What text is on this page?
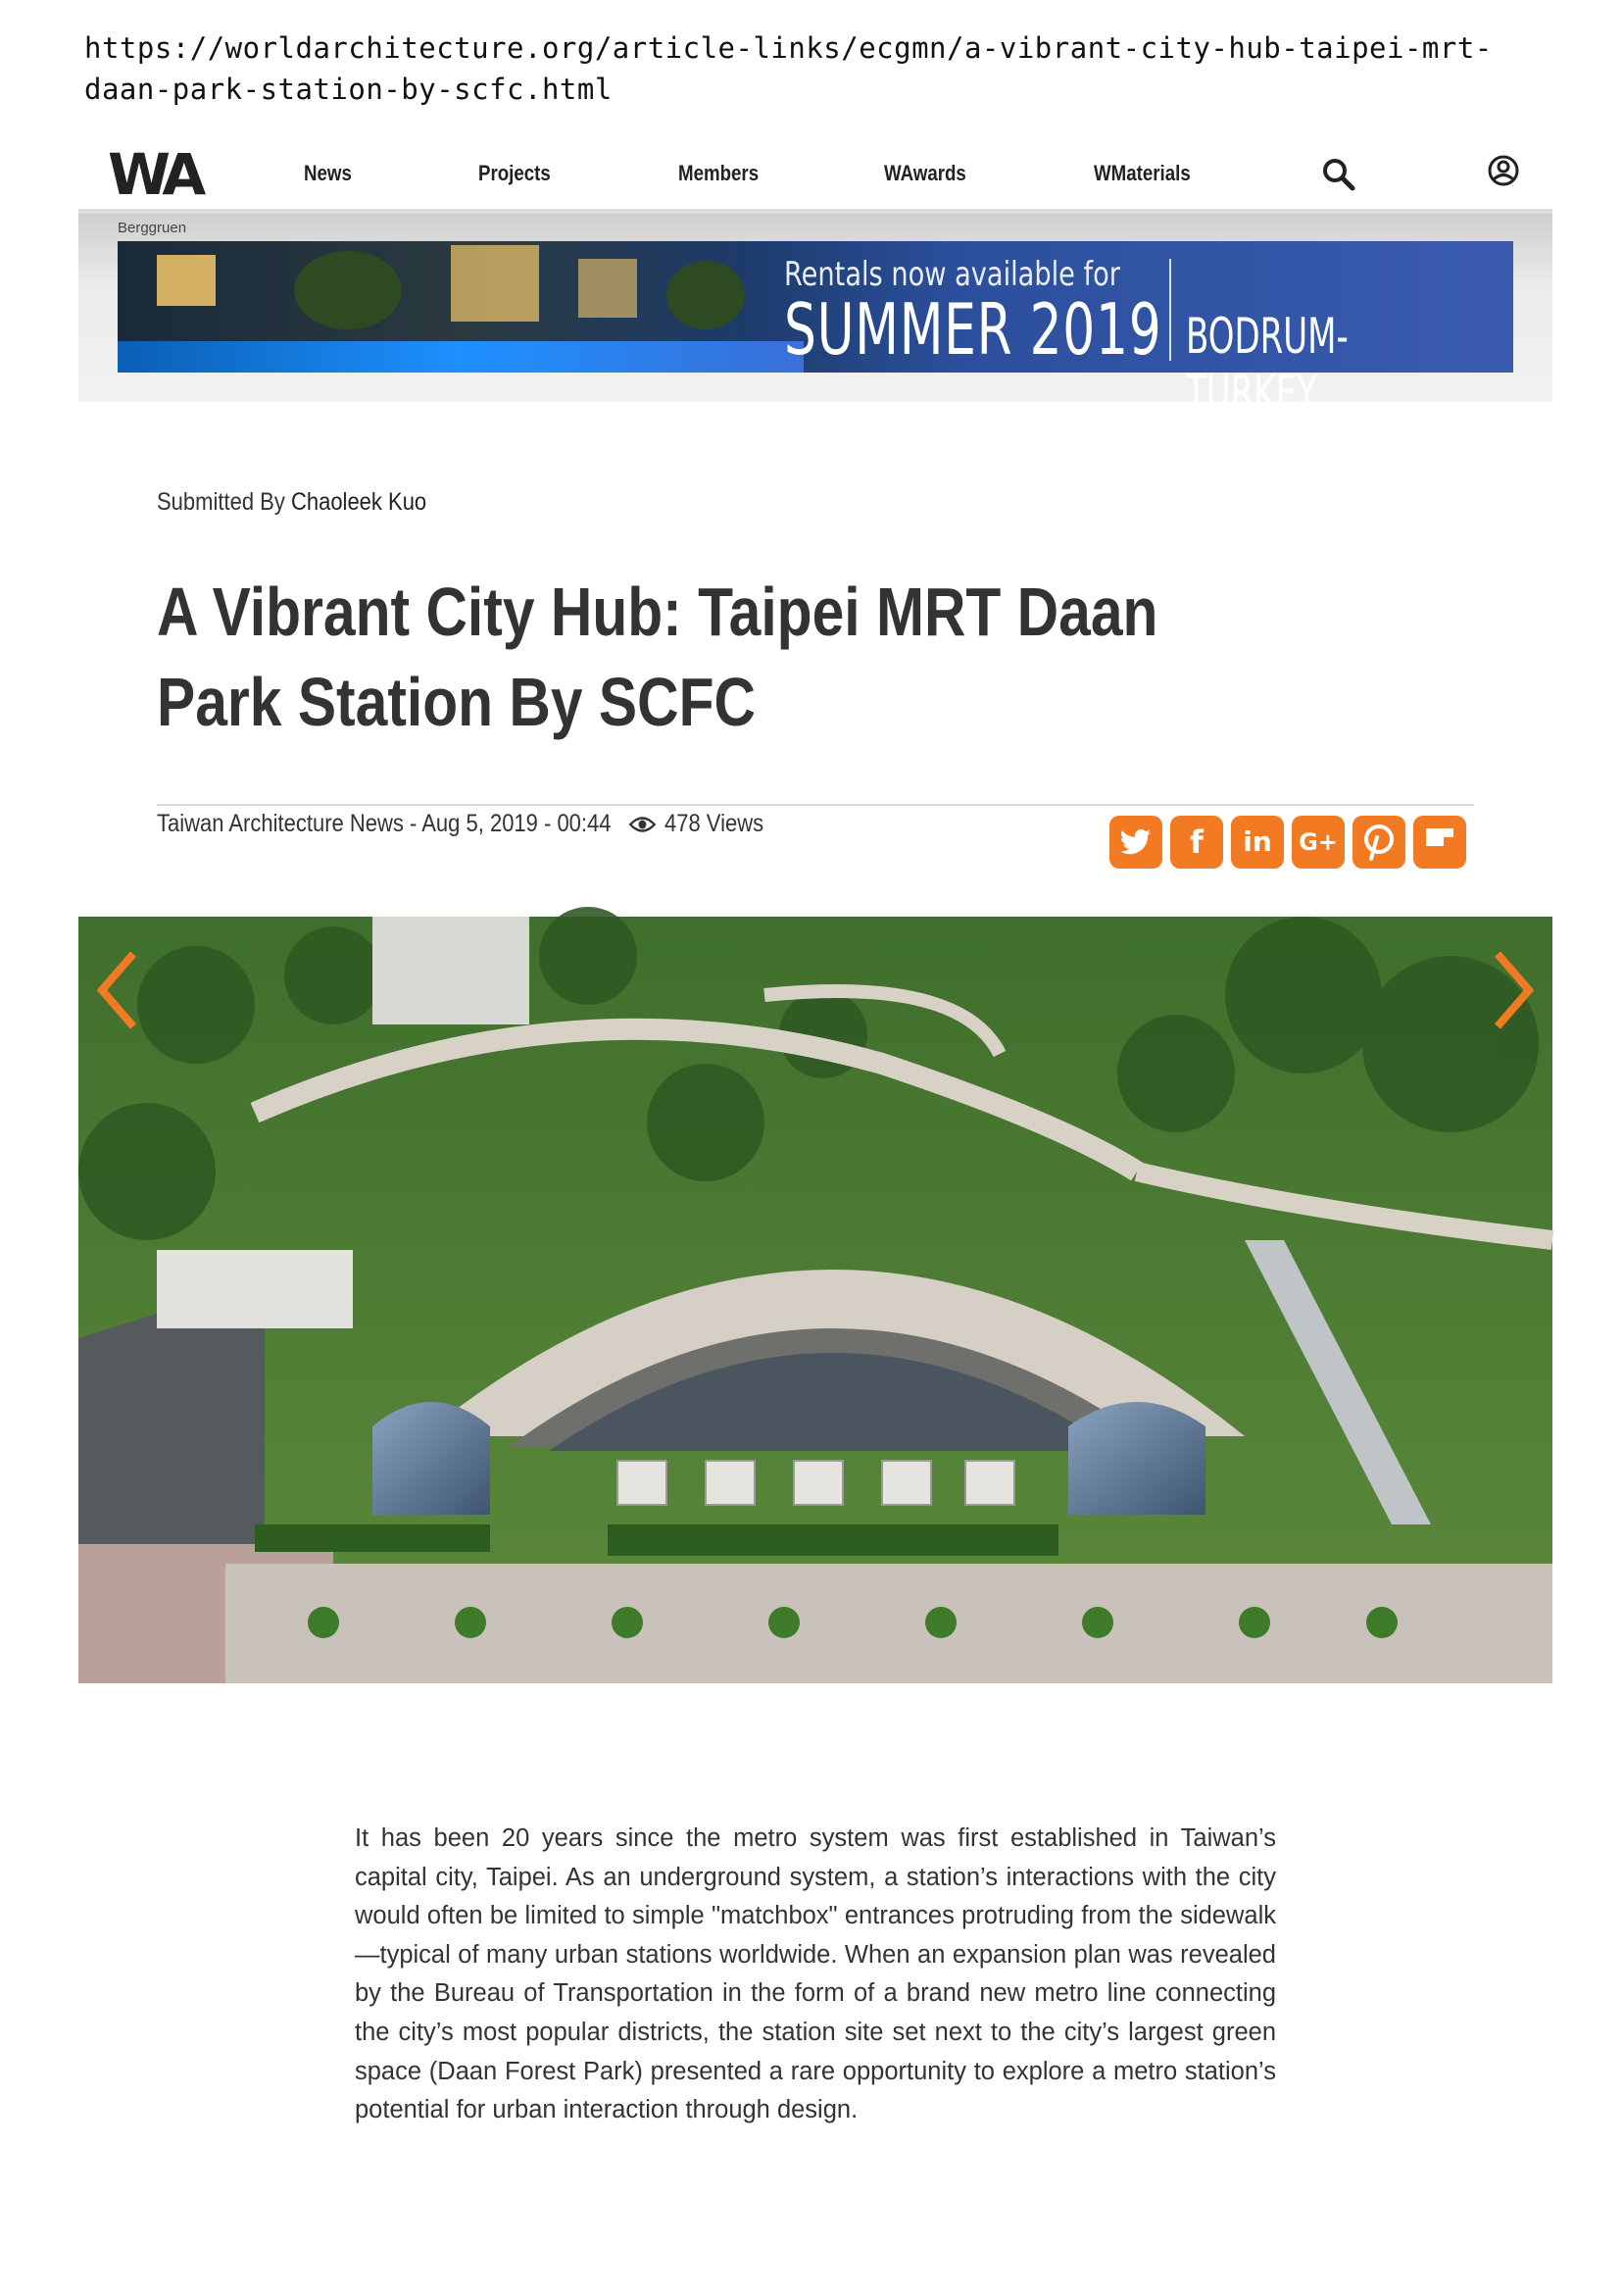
https://worldarchitecture.org/article-links/ecgmn/a-vibrant-city-hub-taipei-mrt-daan-park-station-by-scfc.html
WA	News	Projects	Members	WAwards	WMaterials
Berggruen
Rentals now available for
SUMMER 2019 BODRUM-TURKEY
Submitted By Chaoleek Kuo
A Vibrant City Hub: Taipei MRT Daan Park Station By SCFC
Taiwan Architecture News - Aug 5, 2019 - 00:44 478 Views	f	in	G+

It has been 20 years since the metro system was first established in Taiwan’s capital city, Taipei. As an underground system, a station’s interactions with the city would often be limited to simple "matchbox" entrances protruding from the sidewalk—typical of many urban stations worldwide. When an expansion plan was revealed by the Bureau of Transportation in the form of a brand new metro line connecting the city’s most popular districts, the station site set next to the city’s largest green space (Daan Forest Park) presented a rare opportunity to explore a metro station’s potential for urban interaction through design.
